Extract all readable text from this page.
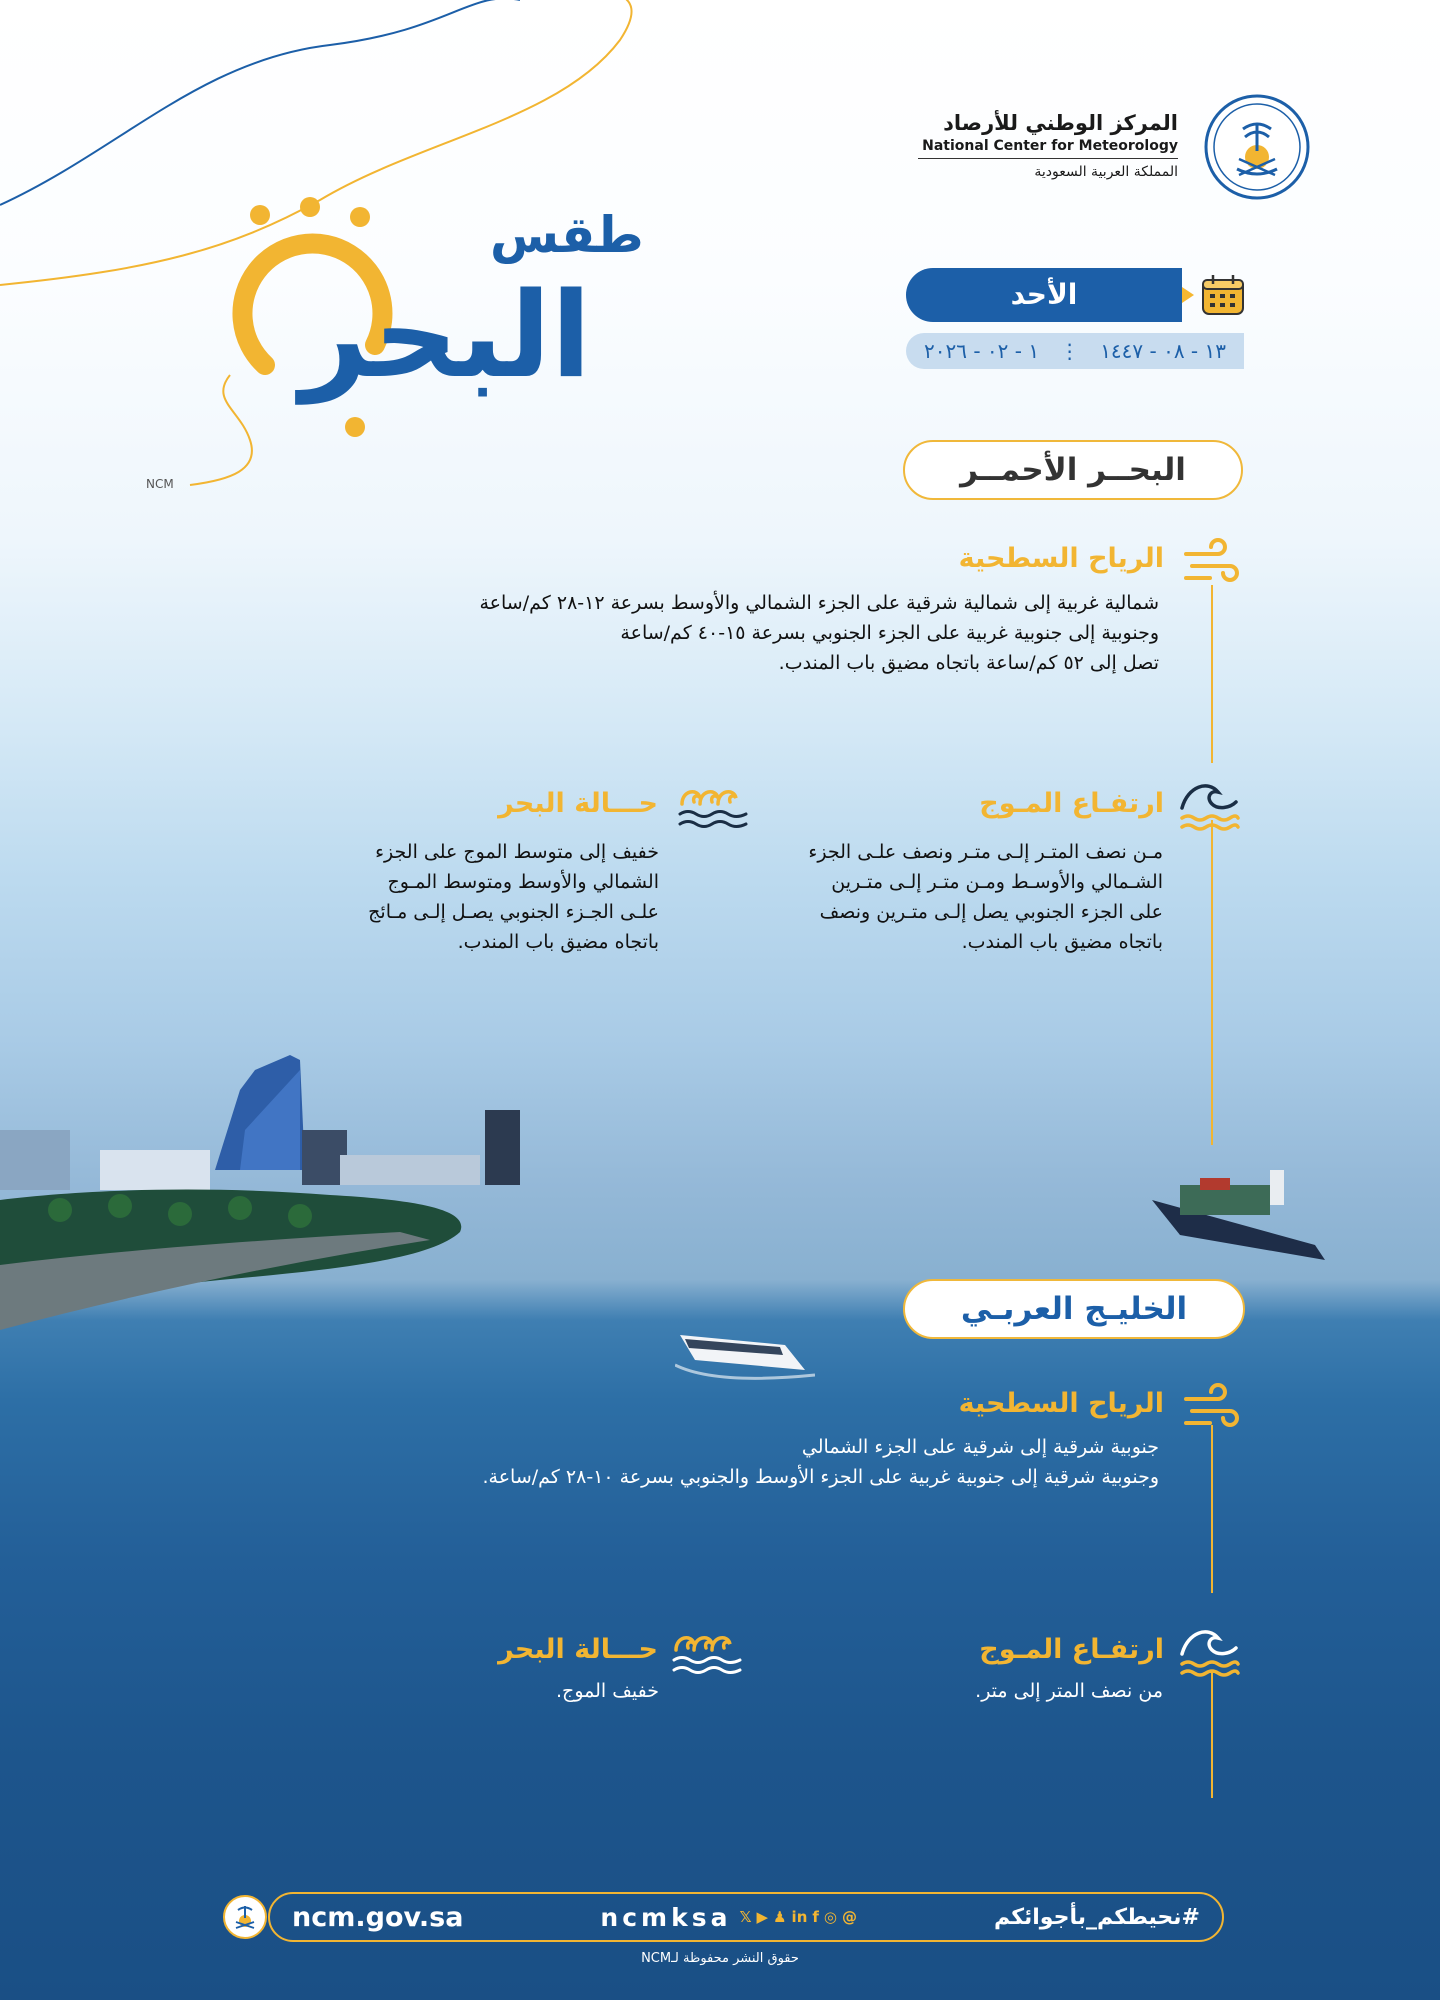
المركز الوطني للأرصاد
National Center for Meteorology
المملكة العربية السعودية
طقس
البحر
NCM
الأحد
١٣ - ٠٨ - ١٤٤٧
⋮
١ - ٠٢ - ٢٠٢٦
البحــر الأحمــر
الرياح السطحية
شمالية غربية إلى شمالية شرقية على الجزء الشمالي والأوسط بسرعة ١٢-٢٨ كم/ساعة
وجنوبية إلى جنوبية غربية على الجزء الجنوبي بسرعة ١٥-٤٠ كم/ساعة
تصل إلى ٥٢ كم/ساعة باتجاه مضيق باب المندب.
ارتفـاع المـوج
مـن نصف المتـر إلـى متـر ونصف علـى الجزء
الشـمالي والأوسـط ومـن متـر إلـى متـرين
على الجزء الجنوبي يصل إلـى متـرين ونصف
باتجاه مضيق باب المندب.
حـــالة البحر
خفيف إلى متوسط الموج على الجزء
الشمالي والأوسط ومتوسط المـوج
علـى الجـزء الجنوبي يصـل إلـى مـائج
باتجاه مضيق باب المندب.
الخليـج العربـي
الرياح السطحية
جنوبية شرقية إلى شرقية على الجزء الشمالي
وجنوبية شرقية إلى جنوبية غربية على الجزء الأوسط والجنوبي بسرعة ١٠-٢٨ كم/ساعة.
ارتفـاع المـوج
من نصف المتر إلى متر.
حـــالة البحر
خفيف الموج.
ncm.gov.sa	ncmksa 𝕏 ▶ ♟ in f ◎ @	#نحيطكم_بأجوائكم
حقوق النشر محفوظة لـNCM
